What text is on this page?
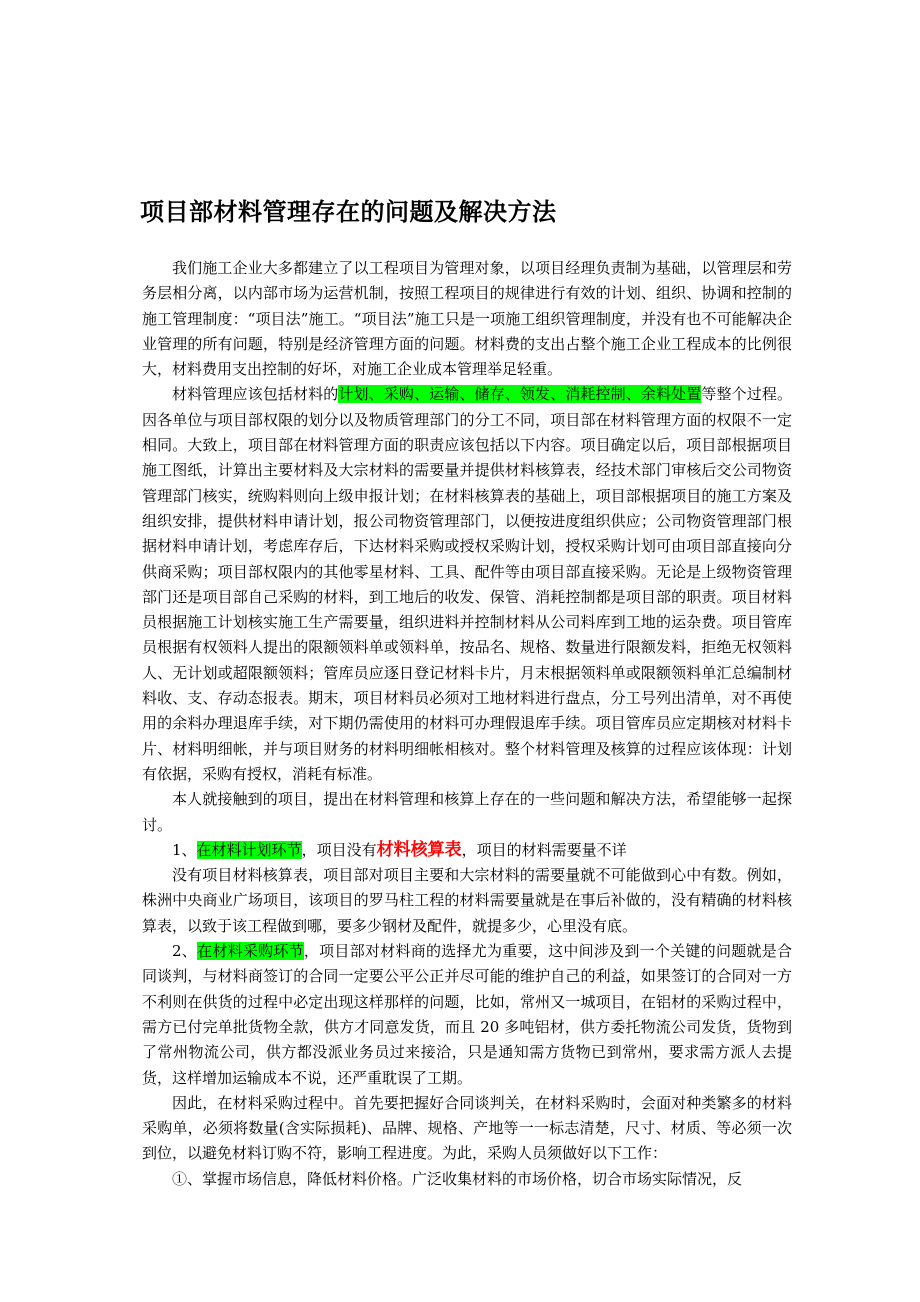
项目部材料管理存在的问题及解决方法

我们施工企业大多都建立了以工程项目为管理对象，以项目经理负责制为基础，以管理层和劳务层相分离，以内部市场为运营机制，按照工程项目的规律进行有效的计划、组织、协调和控制的施工管理制度：“项目法”施工。“项目法”施工只是一项施工组织管理制度，并没有也不可能解决企业管理的所有问题，特别是经济管理方面的问题。材料费的支出占整个施工企业工程成本的比例很大，材料费用支出控制的好坏，对施工企业成本管理举足轻重。

材料管理应该包括材料的计划、采购、运输、储存、领发、消耗控制、余料处置等整个过程。因各单位与项目部权限的划分以及物质管理部门的分工不同，项目部在材料管理方面的权限不一定相同。大致上，项目部在材料管理方面的职责应该包括以下内容。项目确定以后，项目部根据项目施工图纸，计算出主要材料及大宗材料的需要量并提供材料核算表，经技术部门审核后交公司物资管理部门核实，统购料则向上级申报计划；在材料核算表的基础上，项目部根据项目的施工方案及组织安排，提供材料申请计划，报公司物资管理部门，以便按进度组织供应；公司物资管理部门根据材料申请计划，考虑库存后，下达材料采购或授权采购计划，授权采购计划可由项目部直接向分供商采购；项目部权限内的其他零星材料、工具、配件等由项目部直接采购。无论是上级物资管理部门还是项目部自己采购的材料，到工地后的收发、保管、消耗控制都是项目部的职责。项目材料员根据施工计划核实施工生产需要量，组织进料并控制材料从公司料库到工地的运杂费。项目管库员根据有权领料人提出的限额领料单或领料单，按品名、规格、数量进行限额发料，拒绝无权领料人、无计划或超限额领料；管库员应逐日登记材料卡片，月末根据领料单或限额领料单汇总编制材料收、支、存动态报表。期末，项目材料员必须对工地材料进行盘点，分工号列出清单，对不再使用的余料办理退库手续，对下期仍需使用的材料可办理假退库手续。项目管库员应定期核对材料卡片、材料明细帐，并与项目财务的材料明细帐相核对。整个材料管理及核算的过程应该体现：计划有依据，采购有授权，消耗有标准。

本人就接触到的项目，提出在材料管理和核算上存在的一些问题和解决方法，希望能够一起探讨。

1、在材料计划环节，项目没有材料核算表，项目的材料需要量不详

没有项目材料核算表，项目部对项目主要和大宗材料的需要量就不可能做到心中有数。例如，株洲中央商业广场项目，该项目的罗马柱工程的材料需要量就是在事后补做的，没有精确的材料核算表，以致于该工程做到哪，要多少钢材及配件，就提多少，心里没有底。

2、在材料采购环节，项目部对材料商的选择尤为重要，这中间涉及到一个关键的问题就是合同谈判，与材料商签订的合同一定要公平公正并尽可能的维护自己的利益，如果签订的合同对一方不利则在供货的过程中必定出现这样那样的问题，比如，常州又一城项目，在铝材的采购过程中，需方已付完单批货物全款，供方才同意发货，而且 20 多吨铝材，供方委托物流公司发货，货物到了常州物流公司，供方都没派业务员过来接洽，只是通知需方货物已到常州，要求需方派人去提货，这样增加运输成本不说，还严重耽误了工期。

因此，在材料采购过程中。首先要把握好合同谈判关，在材料采购时，会面对种类繁多的材料采购单，必须将数量(含实际损耗)、品牌、规格、产地等一一标志清楚，尺寸、材质、等必须一次到位，以避免材料订购不符，影响工程进度。为此，采购人员须做好以下工作：

①、掌握市场信息，降低材料价格。广泛收集材料的市场价格，切合市场实际情况，反
